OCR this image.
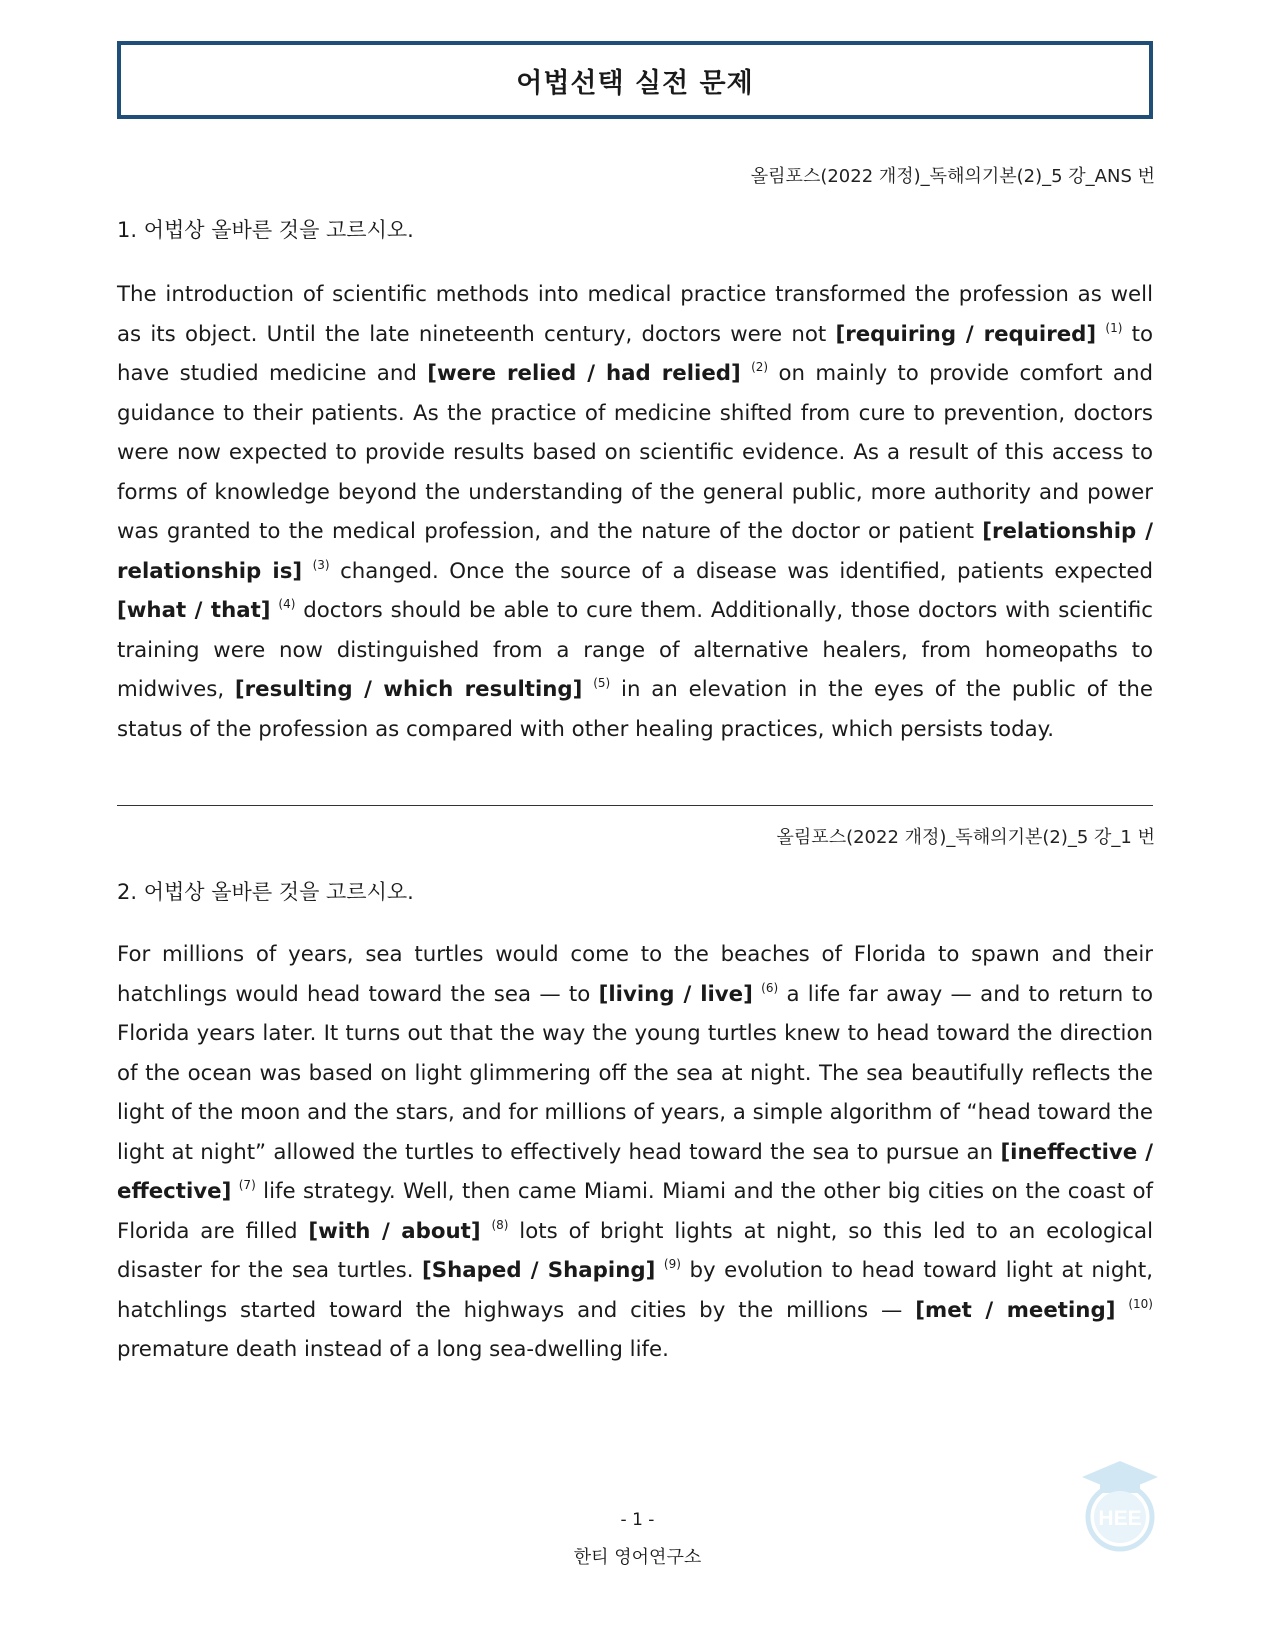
어법선택 실전 문제
올림포스(2022 개정)_독해의기본(2)_5 강_ANS 번
1. 어법상 올바른 것을 고르시오.

The introduction of scientific methods into medical practice transformed the profession as well as its object. Until the late nineteenth century, doctors were not [requiring / required] $^{(1)}$ to have studied medicine and [were relied / had relied] $^{(2)}$ on mainly to provide comfort and guidance to their patients. As the practice of medicine shifted from cure to prevention, doctors were now expected to provide results based on scientific evidence. As a result of this access to forms of knowledge beyond the understanding of the general public, more authority and power was granted to the medical profession, and the nature of the doctor or patient [relationship / relationship is] $^{(3)}$ changed. Once the source of a disease was identified, patients expected [what / that] $^{(4)}$ doctors should be able to cure them. Additionally, those doctors with scientific training were now distinguished from a range of alternative healers, from homeopaths to midwives, [resulting / which resulting] $^{(5)}$ in an elevation in the eyes of the public of the status of the profession as compared with other healing practices, which persists today.

올림포스(2022 개정)_독해의기본(2)_5 강_1 번
2. 어법상 올바른 것을 고르시오.

For millions of years, sea turtles would come to the beaches of Florida to spawn and their hatchlings would head toward the sea — to [living / live] $^{(6)}$ a life far away — and to return to Florida years later. It turns out that the way the young turtles knew to head toward the direction of the ocean was based on light glimmering off the sea at night. The sea beautifully reflects the light of the moon and the stars, and for millions of years, a simple algorithm of “head toward the light at night” allowed the turtles to effectively head toward the sea to pursue an [ineffective / effective] $^{(7)}$ life strategy. Well, then came Miami. Miami and the other big cities on the coast of Florida are filled [with / about] $^{(8)}$ lots of bright lights at night, so this led to an ecological disaster for the sea turtles. [Shaped / Shaping] $^{(9)}$ by evolution to head toward light at night, hatchlings started toward the highways and cities by the millions — [met / meeting] $^{(10)}$ premature death instead of a long sea-dwelling life.

- 1 -
한티 영어연구소
HEE
